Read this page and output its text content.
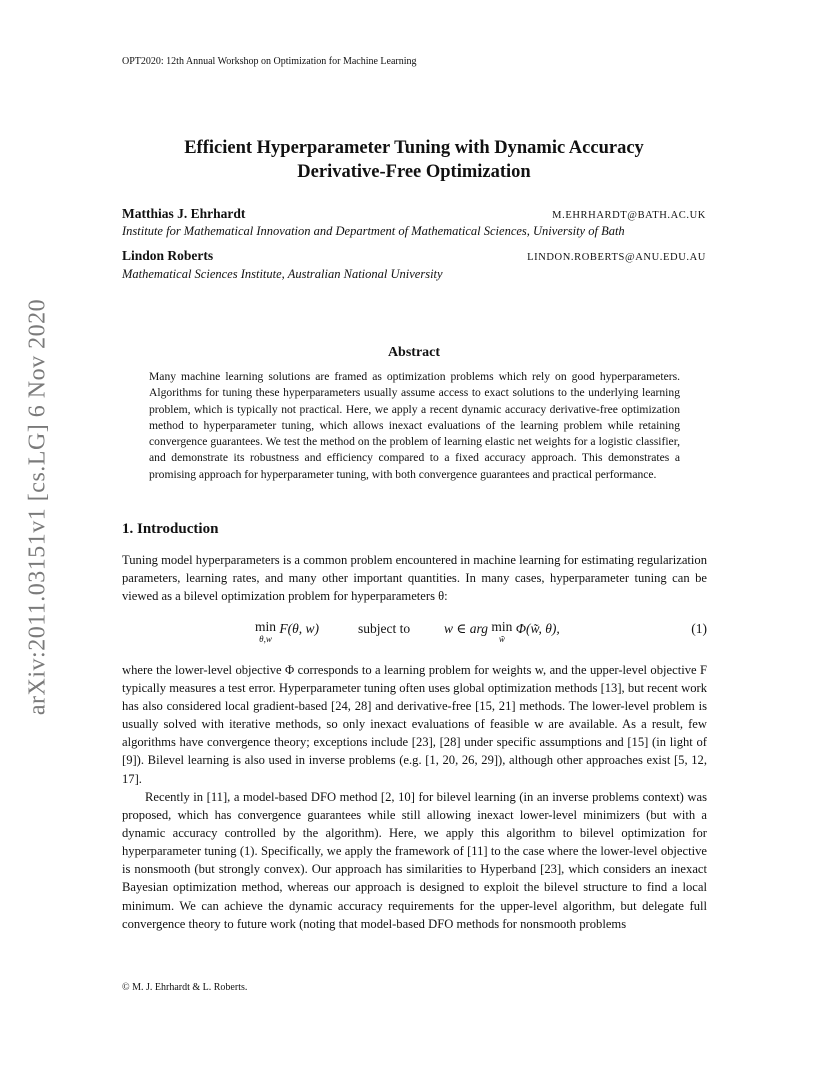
OPT2020: 12th Annual Workshop on Optimization for Machine Learning
Efficient Hyperparameter Tuning with Dynamic Accuracy
Derivative-Free Optimization
Matthias J. Ehrhardt	M.EHRHARDT@BATH.AC.UK
Institute for Mathematical Innovation and Department of Mathematical Sciences, University of Bath
Lindon Roberts	LINDON.ROBERTS@ANU.EDU.AU
Mathematical Sciences Institute, Australian National University
arXiv:2011.03151v1 [cs.LG] 6 Nov 2020	Abstract
Many machine learning solutions are framed as optimization problems which rely on good hyperparameters. Algorithms for tuning these hyperparameters usually assume access to exact solutions to the underlying learning problem, which is typically not practical. Here, we apply a recent dynamic accuracy derivative-free optimization method to hyperparameter tuning, which allows inexact evaluations of the learning problem while retaining convergence guarantees. We test the method on the problem of learning elastic net weights for a logistic classifier, and demonstrate its robustness and efficiency compared to a fixed accuracy approach. This demonstrates a promising approach for hyperparameter tuning, with both convergence guarantees and practical performance.
1. Introduction
Tuning model hyperparameters is a common problem encountered in machine learning for estimating regularization parameters, learning rates, and many other important quantities. In many cases, hyperparameter tuning can be viewed as a bilevel optimization problem for hyperparameters θ:
min
θ,w
F(θ, w)	subject to	w ∈ arg min
w̃
Φ(w̃, θ),	(1)
where the lower-level objective Φ corresponds to a learning problem for weights w, and the upper-level objective F typically measures a test error. Hyperparameter tuning often uses global optimization methods [13], but recent work has also considered local gradient-based [24, 28] and derivative-free [15, 21] methods. The lower-level problem is usually solved with iterative methods, so only inexact evaluations of feasible w are available. As a result, few algorithms have convergence theory; exceptions include [23], [28] under specific assumptions and [15] (in light of [9]). Bilevel learning is also used in inverse problems (e.g. [1, 20, 26, 29]), although other approaches exist [5, 12, 17].
Recently in [11], a model-based DFO method [2, 10] for bilevel learning (in an inverse problems context) was proposed, which has convergence guarantees while still allowing inexact lower-level minimizers (but with a dynamic accuracy controlled by the algorithm). Here, we apply this algorithm to bilevel optimization for hyperparameter tuning (1). Specifically, we apply the framework of [11] to the case where the lower-level objective is nonsmooth (but strongly convex). Our approach has similarities to Hyperband [23], which considers an inexact Bayesian optimization method, whereas our approach is designed to exploit the bilevel structure to find a local minimum. We can achieve the dynamic accuracy requirements for the upper-level algorithm, but delegate full convergence theory to future work (noting that model-based DFO methods for nonsmooth problems
© M. J. Ehrhardt & L. Roberts.
